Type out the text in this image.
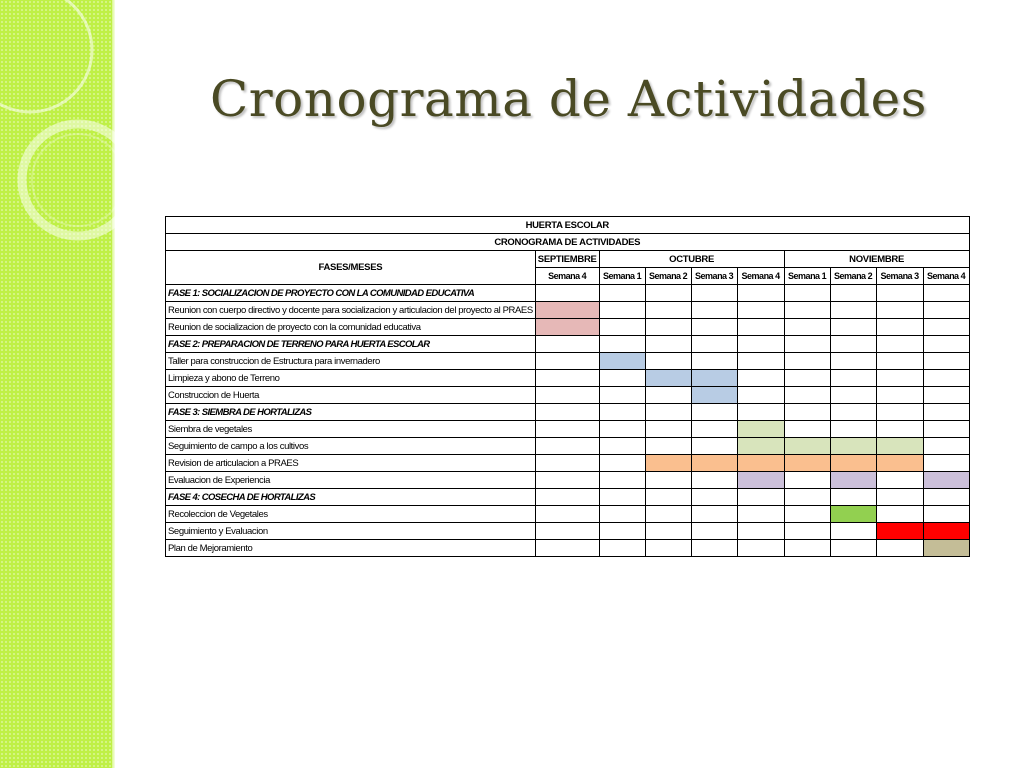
Cronograma de Actividades
HUERTA ESCOLAR									
CRONOGRAMA DE ACTIVIDADES									
FASES/MESES	SEPTIEMBRE	OCTUBRE				NOVIEMBRE			
	Semana 4	Semana 1	Semana 2	Semana 3	Semana 4	Semana 1	Semana 2	Semana 3	Semana 4
FASE 1: SOCIALIZACION DE PROYECTO CON LA COMUNIDAD EDUCATIVA									
Reunion con cuerpo directivo y docente para socializacion y articulacion del proyecto al PRAES									
Reunion de socializacion de proyecto con la comunidad educativa									
FASE 2: PREPARACION DE TERRENO PARA HUERTA ESCOLAR									
Taller para construccion de Estructura para invernadero									
Limpieza y abono de Terreno									
Construccion de Huerta									
FASE 3: SIEMBRA DE HORTALIZAS									
Siembra de vegetales									
Seguimiento de campo a los cultivos									
Revision de articulacion a PRAES									
Evaluacion de Experiencia									
FASE 4: COSECHA DE HORTALIZAS									
Recoleccion de Vegetales									
Seguimiento y Evaluacion									
Plan de Mejoramiento									
